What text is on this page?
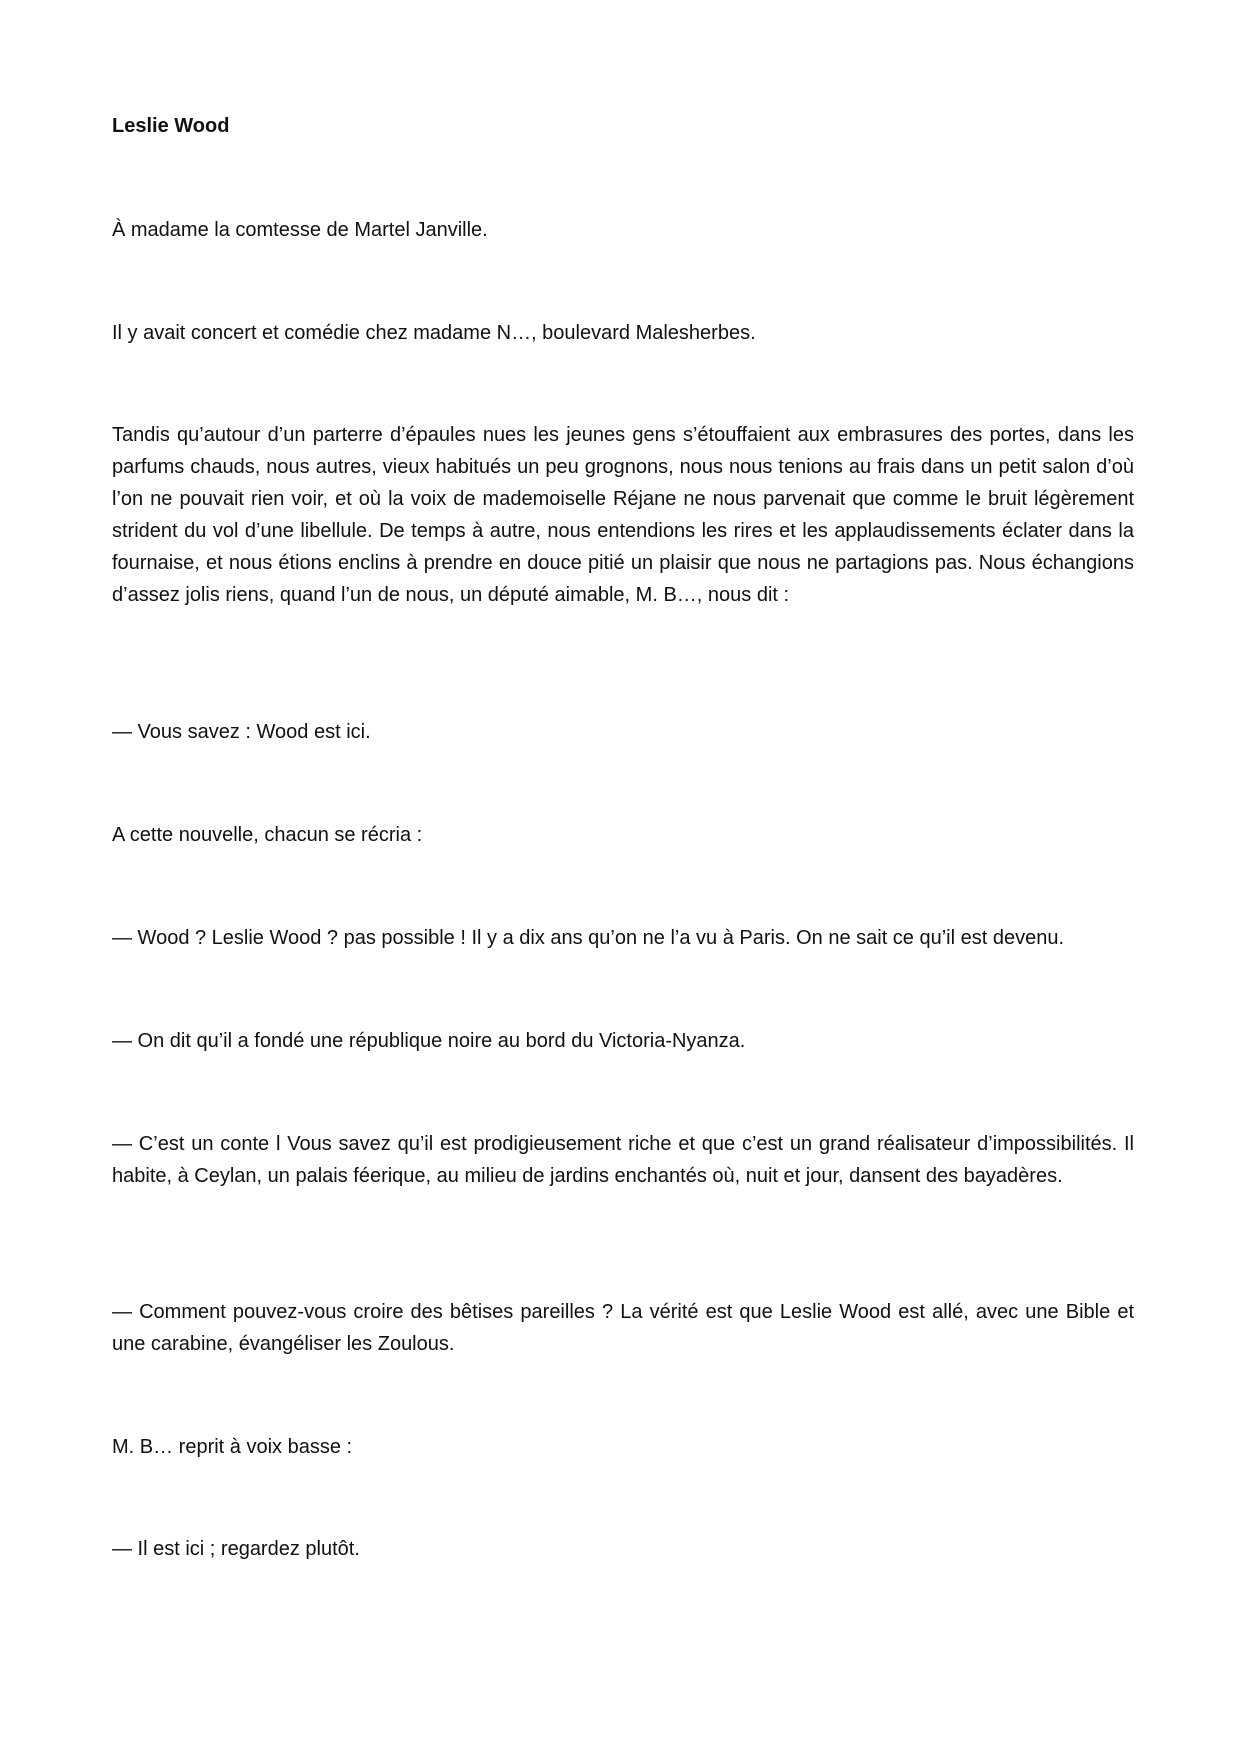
Leslie Wood

À madame la comtesse de Martel Janville.

Il y avait concert et comédie chez madame N…, boulevard Malesherbes.

Tandis qu’autour d’un parterre d’épaules nues les jeunes gens s’étouffaient aux embrasures des portes, dans les parfums chauds, nous autres, vieux habitués un peu grognons, nous nous tenions au frais dans un petit salon d’où l’on ne pouvait rien voir, et où la voix de mademoiselle Réjane ne nous parvenait que comme le bruit légèrement strident du vol d’une libellule. De temps à autre, nous entendions les rires et les applaudissements éclater dans la fournaise, et nous étions enclins à prendre en douce pitié un plaisir que nous ne partagions pas. Nous échangions d’assez jolis riens, quand l’un de nous, un député aimable, M. B…, nous dit :

— Vous savez : Wood est ici.

A cette nouvelle, chacun se récria :

— Wood ? Leslie Wood ? pas possible ! Il y a dix ans qu’on ne l’a vu à Paris. On ne sait ce qu’il est devenu.

— On dit qu’il a fondé une république noire au bord du Victoria-Nyanza.

— C’est un conte l Vous savez qu’il est prodigieusement riche et que c’est un grand réalisateur d’impossibilités. Il habite, à Ceylan, un palais féerique, au milieu de jardins enchantés où, nuit et jour, dansent des bayadères.

— Comment pouvez-vous croire des bêtises pareilles ? La vérité est que Leslie Wood est allé, avec une Bible et une carabine, évangéliser les Zoulous.

M. B… reprit à voix basse :

— Il est ici ; regardez plutôt.
